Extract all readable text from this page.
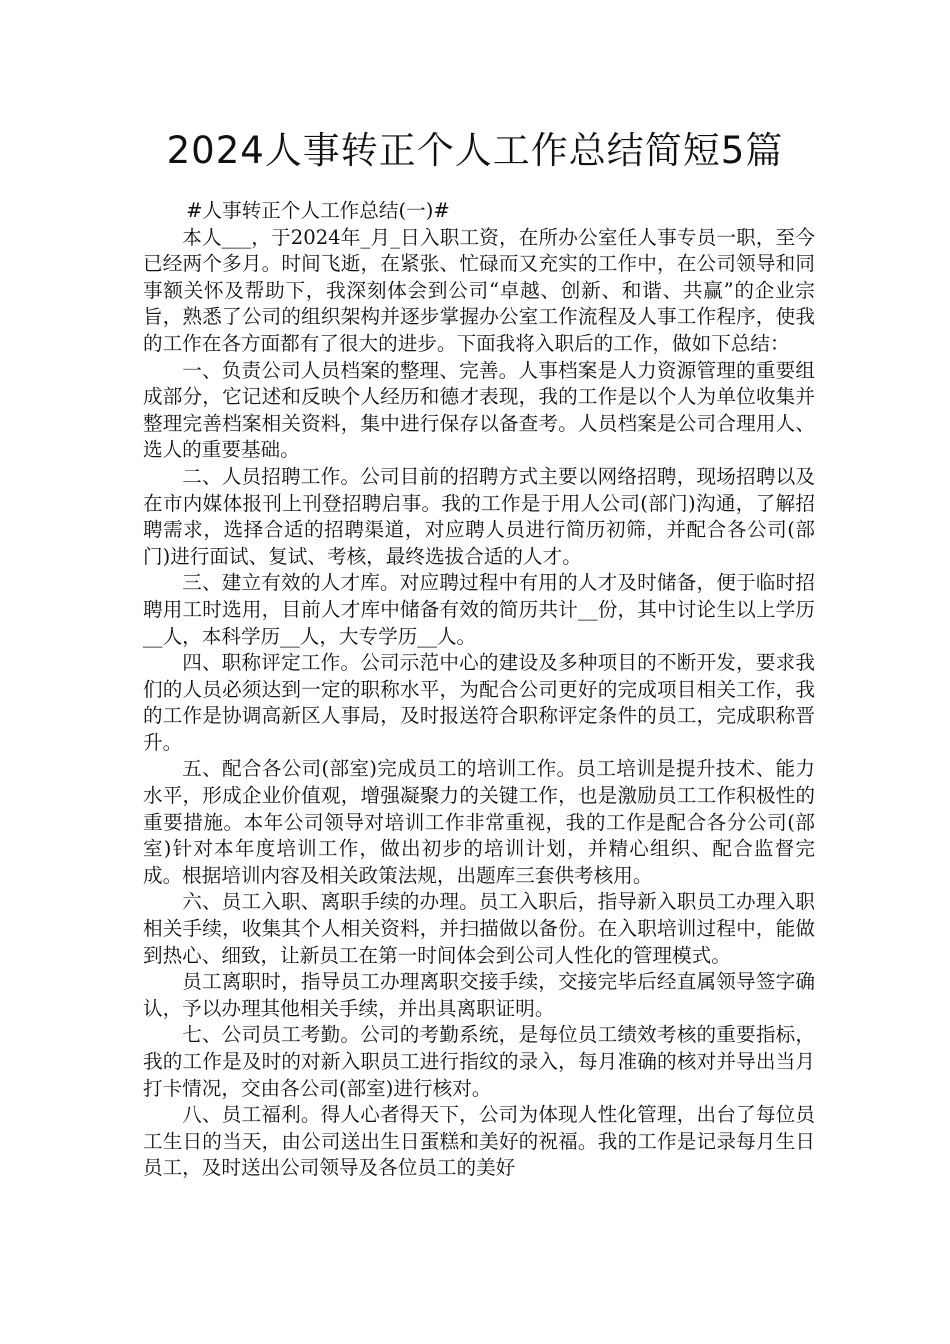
2024人事转正个人工作总结简短5篇

#人事转正个人工作总结(一)#

本人___，于2024年_月_日入职工资，在所办公室任人事专员一职，至今已经两个多月。时间飞逝，在紧张、忙碌而又充实的工作中，在公司领导和同事额关怀及帮助下，我深刻体会到公司“卓越、创新、和谐、共赢”的企业宗旨，熟悉了公司的组织架构并逐步掌握办公室工作流程及人事工作程序，使我的工作在各方面都有了很大的进步。下面我将入职后的工作，做如下总结：

一、负责公司人员档案的整理、完善。人事档案是人力资源管理的重要组成部分，它记述和反映个人经历和德才表现，我的工作是以个人为单位收集并整理完善档案相关资料，集中进行保存以备查考。人员档案是公司合理用人、选人的重要基础。

二、人员招聘工作。公司目前的招聘方式主要以网络招聘，现场招聘以及在市内媒体报刊上刊登招聘启事。我的工作是于用人公司(部门)沟通，了解招聘需求，选择合适的招聘渠道，对应聘人员进行简历初筛，并配合各公司(部门)进行面试、复试、考核，最终选拔合适的人才。

三、建立有效的人才库。对应聘过程中有用的人才及时储备，便于临时招聘用工时选用，目前人才库中储备有效的简历共计__份，其中讨论生以上学历__人，本科学历__人，大专学历__人。

四、职称评定工作。公司示范中心的建设及多种项目的不断开发，要求我们的人员必须达到一定的职称水平，为配合公司更好的完成项目相关工作，我的工作是协调高新区人事局，及时报送符合职称评定条件的员工，完成职称晋升。

五、配合各公司(部室)完成员工的培训工作。员工培训是提升技术、能力水平，形成企业价值观，增强凝聚力的关键工作，也是激励员工工作积极性的重要措施。本年公司领导对培训工作非常重视，我的工作是配合各分公司(部室)针对本年度培训工作，做出初步的培训计划，并精心组织、配合监督完成。根据培训内容及相关政策法规，出题库三套供考核用。

六、员工入职、离职手续的办理。员工入职后，指导新入职员工办理入职相关手续，收集其个人相关资料，并扫描做以备份。在入职培训过程中，能做到热心、细致，让新员工在第一时间体会到公司人性化的管理模式。

员工离职时，指导员工办理离职交接手续，交接完毕后经直属领导签字确认，予以办理其他相关手续，并出具离职证明。

七、公司员工考勤。公司的考勤系统，是每位员工绩效考核的重要指标，我的工作是及时的对新入职员工进行指纹的录入，每月准确的核对并导出当月打卡情况，交由各公司(部室)进行核对。

八、员工福利。得人心者得天下，公司为体现人性化管理，出台了每位员工生日的当天，由公司送出生日蛋糕和美好的祝福。我的工作是记录每月生日员工，及时送出公司领导及各位员工的美好
